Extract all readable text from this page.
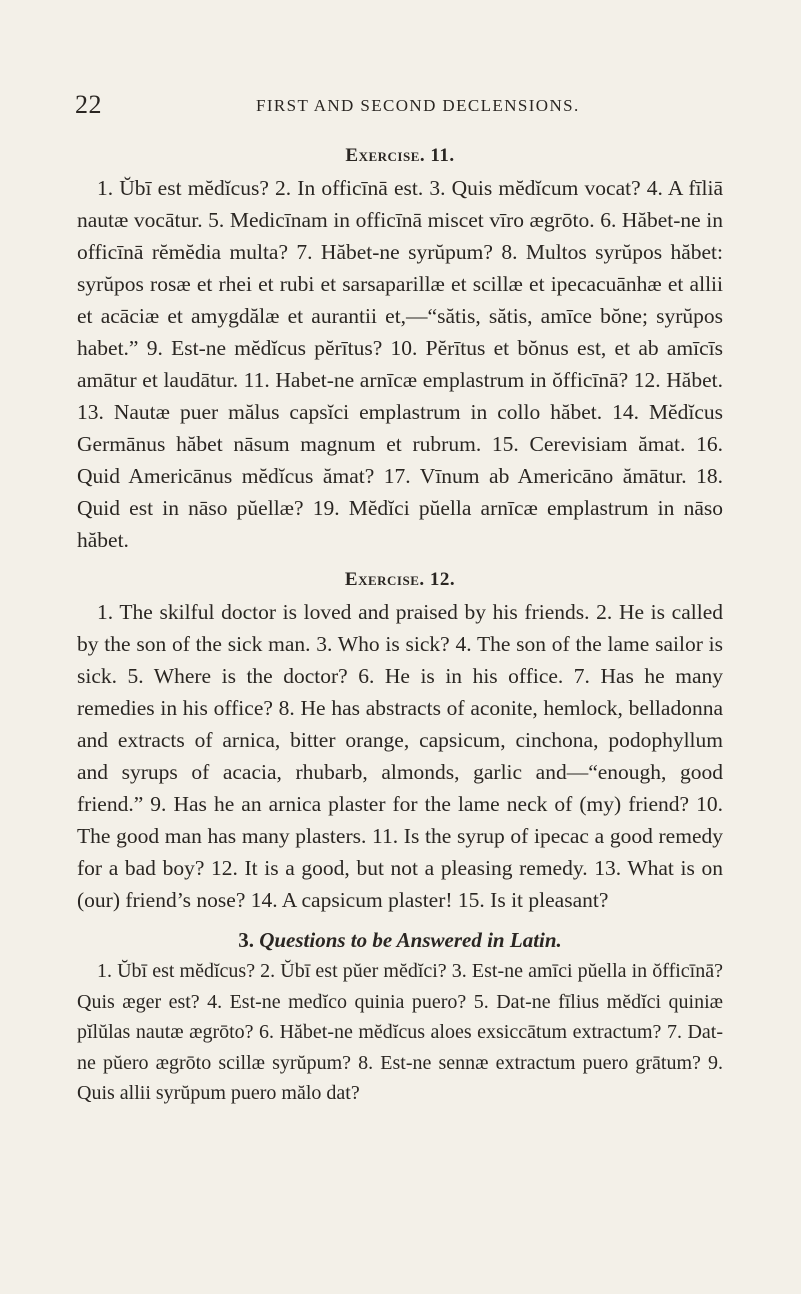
22	FIRST AND SECOND DECLENSIONS.
Exercise. 11.

1. Ŭbī est mĕdĭcus? 2. In officīnā est. 3. Quis mĕdĭcum vocat? 4. A fīliā nautæ vocātur. 5. Medicīnam in officīnā miscet vīro ægrōto. 6. Hăbet-ne in officīnā rĕmĕdia multa? 7. Hăbet-ne syrŭpum? 8. Multos syrŭpos hăbet: syrŭpos rosæ et rhei et rubi et sarsaparillæ et scillæ et ipecacuānhæ et allii et acāciæ et amygdălæ et aurantii et,—“sătis, sătis, amīce bŏne; syrŭpos habet.” 9. Est-ne mĕdĭcus pĕrītus? 10. Pĕrītus et bŏnus est, et ab amīcīs amātur et laudātur. 11. Habet-ne arnīcæ emplastrum in ŏfficīnā? 12. Hăbet. 13. Nautæ puer mălus capsĭci emplastrum in collo hăbet. 14. Mĕdĭcus Germānus hăbet nāsum magnum et rubrum. 15. Cerevisiam ămat. 16. Quid Americānus mĕdĭcus ămat? 17. Vīnum ab Americāno ămātur. 18. Quid est in nāso pŭellæ? 19. Mĕdĭci pŭella arnīcæ emplastrum in nāso hăbet.

Exercise. 12.

1. The skilful doctor is loved and praised by his friends. 2. He is called by the son of the sick man. 3. Who is sick? 4. The son of the lame sailor is sick. 5. Where is the doctor? 6. He is in his office. 7. Has he many remedies in his office? 8. He has abstracts of aconite, hemlock, belladonna and extracts of arnica, bitter orange, capsicum, cinchona, podophyllum and syrups of acacia, rhubarb, almonds, garlic and—“enough, good friend.” 9. Has he an arnica plaster for the lame neck of (my) friend? 10. The good man has many plasters. 11. Is the syrup of ipecac a good remedy for a bad boy? 12. It is a good, but not a pleasing remedy. 13. What is on (our) friend’s nose? 14. A capsicum plaster! 15. Is it pleasant?

3. Questions to be Answered in Latin.

1. Ŭbī est mĕdĭcus? 2. Ŭbī est pŭer mĕdĭci? 3. Est-ne amīci pŭella in ŏfficīnā? Quis æger est? 4. Est-ne medĭco quinia puero? 5. Dat-ne fīlius mĕdĭci quiniæ pĭlŭlas nautæ ægrōto? 6. Hăbet-ne mĕdĭcus aloes exsiccātum extractum? 7. Dat-ne pŭero ægrōto scillæ syrŭpum? 8. Est-ne sennæ extractum puero grātum? 9. Quis allii syrŭpum puero mălo dat?
